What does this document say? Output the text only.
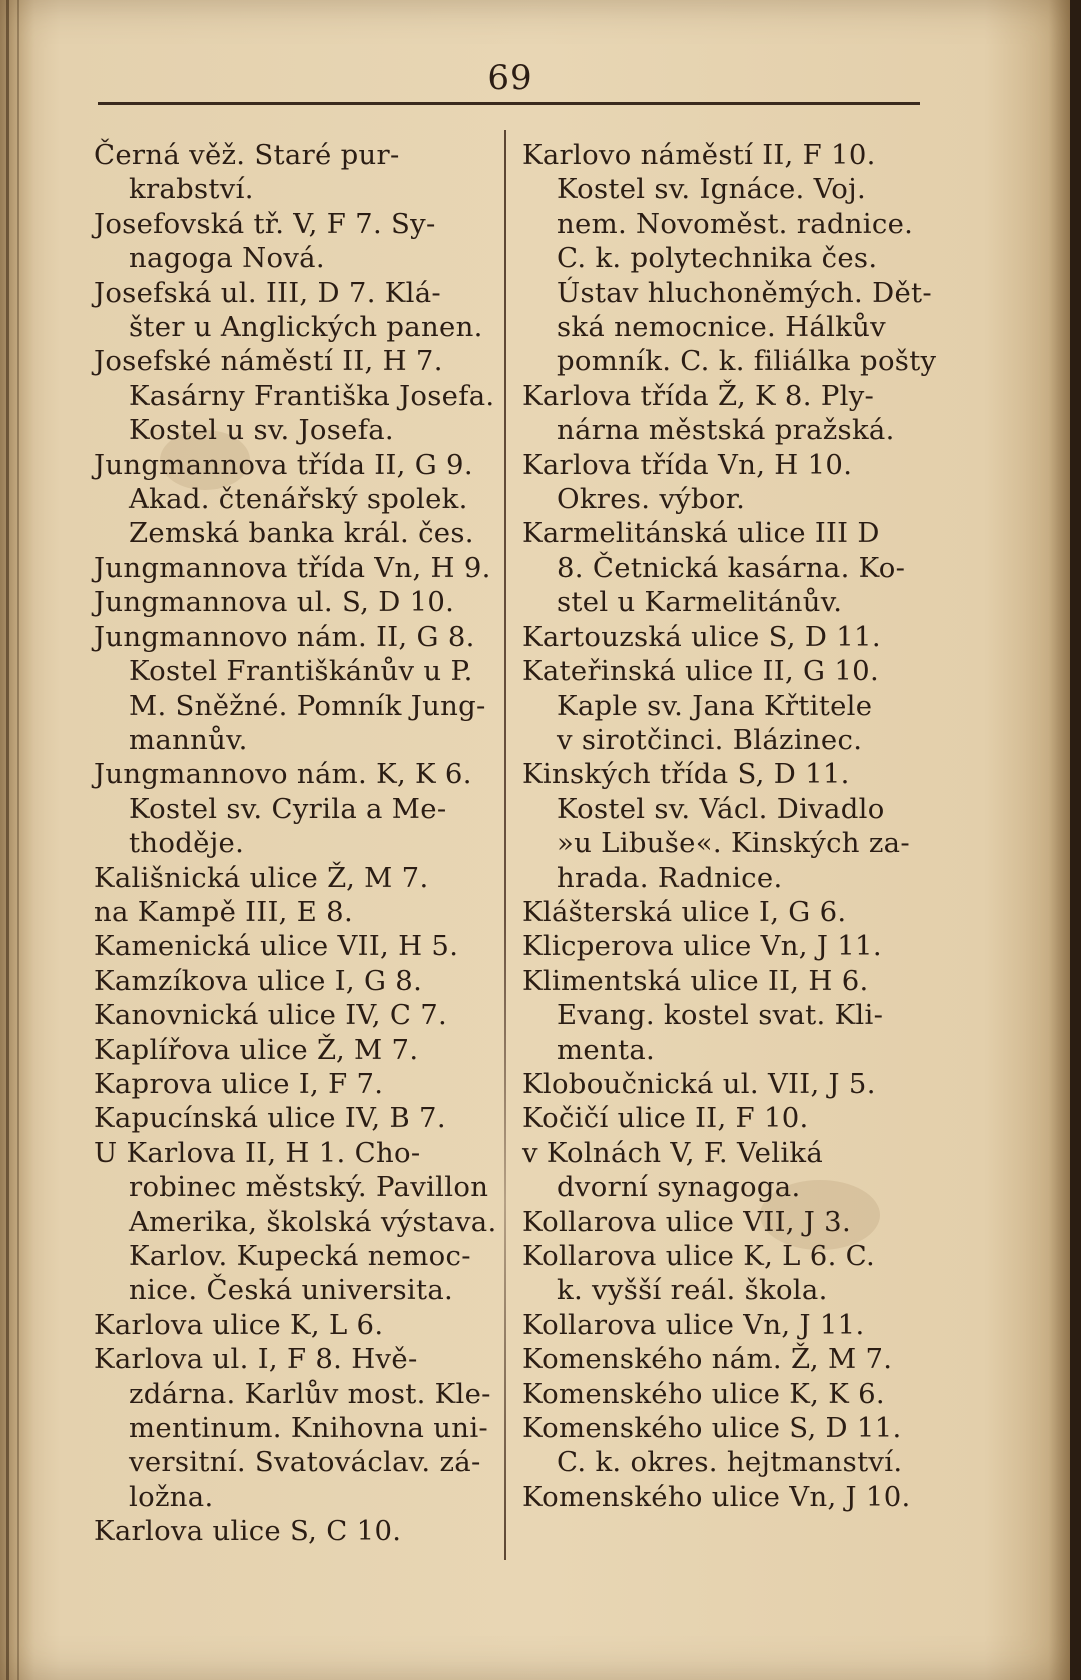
69

Černá věž. Staré pur-
krabství.

Josefovská tř. V, F 7. Sy-
nagoga Nová.

Josefská ul. III, D 7. Klá-
šter u Anglických panen.

Josefské náměstí II, H 7.
Kasárny Františka Josefa.
Kostel u sv. Josefa.

Jungmannova třída II, G 9.
Akad. čtenářský spolek.
Zemská banka král. čes.

Jungmannova třída Vn, H 9.

Jungmannova ul. S, D 10.

Jungmannovo nám. II, G 8.
Kostel Františkánův u P.
M. Sněžné. Pomník Jung-
mannův.

Jungmannovo nám. K, K 6.
Kostel sv. Cyrila a Me-
thoděje.

Kališnická ulice Ž, M 7.

na Kampě III, E 8.

Kamenická ulice VII, H 5.

Kamzíkova ulice I, G 8.

Kanovnická ulice IV, C 7.

Kaplířova ulice Ž, M 7.

Kaprova ulice I, F 7.

Kapucínská ulice IV, B 7.

U Karlova II, H 1. Cho-
robinec městský. Pavillon
Amerika, školská výstava.
Karlov. Kupecká nemoc-
nice. Česká universita.

Karlova ulice K, L 6.

Karlova ul. I, F 8. Hvě-
zdárna. Karlův most. Kle-
mentinum. Knihovna uni-
versitní. Svatováclav. zá-
ložna.

Karlova ulice S, C 10.

Karlovo náměstí II, F 10.
Kostel sv. Ignáce. Voj.
nem. Novoměst. radnice.
C. k. polytechnika čes.
Ústav hluchoněmých. Dět-
ská nemocnice. Hálkův
pomník. C. k. filiálka pošty

Karlova třída Ž, K 8. Ply-
nárna městská pražská.

Karlova třída Vn, H 10.
Okres. výbor.

Karmelitánská ulice III D
8. Četnická kasárna. Ko-
stel u Karmelitánův.

Kartouzská ulice S, D 11.

Kateřinská ulice II, G 10.
Kaple sv. Jana Křtitele
v sirotčinci. Blázinec.

Kinských třída S, D 11.
Kostel sv. Václ. Divadlo
»u Libuše«. Kinských za-
hrada. Radnice.

Klášterská ulice I, G 6.

Klicperova ulice Vn, J 11.

Klimentská ulice II, H 6.
Evang. kostel svat. Kli-
menta.

Kloboučnická ul. VII, J 5.

Kočičí ulice II, F 10.

v Kolnách V, F. Veliká
dvorní synagoga.

Kollarova ulice VII, J 3.

Kollarova ulice K, L 6. C.
k. vyšší reál. škola.

Kollarova ulice Vn, J 11.

Komenského nám. Ž, M 7.

Komenského ulice K, K 6.

Komenského ulice S, D 11.
C. k. okres. hejtmanství.

Komenského ulice Vn, J 10.
